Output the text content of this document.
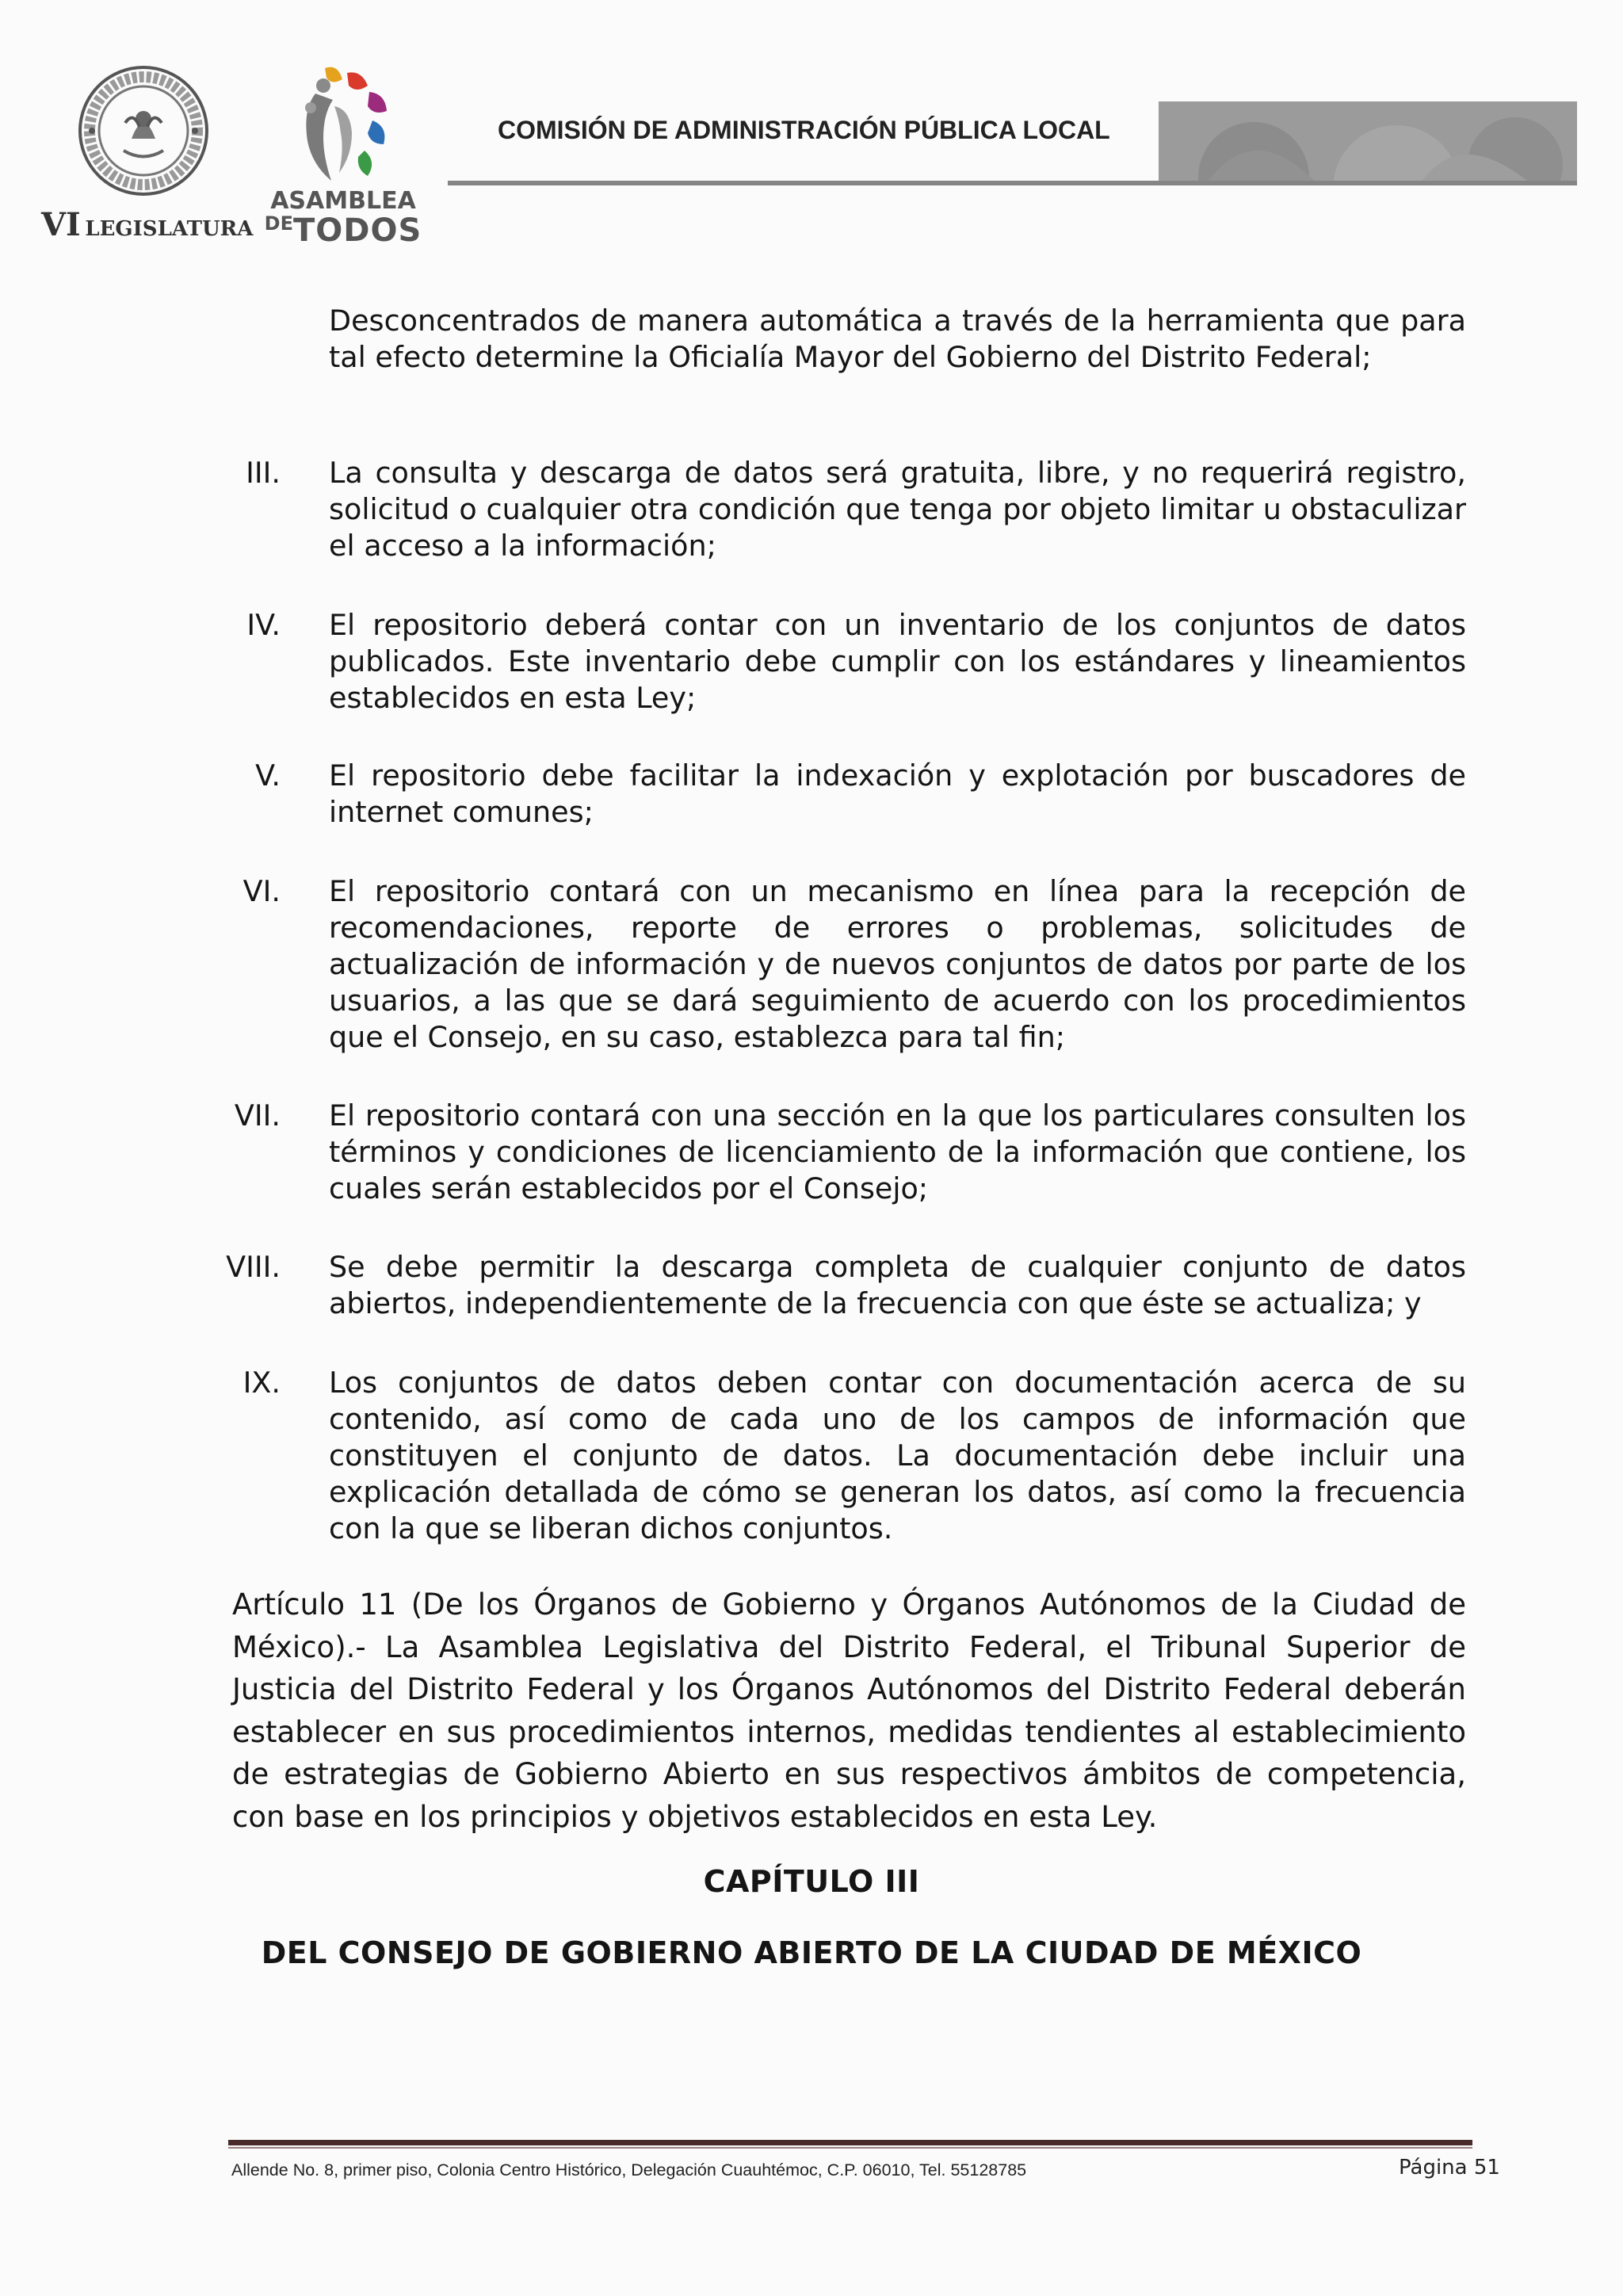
VI LEGISLATURA
ASAMBLEA
DETODOS
COMISIÓN DE ADMINISTRACIÓN PÚBLICA LOCAL
Desconcentrados de manera automática a través de la herramienta que para tal efecto determine la Oficialía Mayor del Gobierno del Distrito Federal;
III. La consulta y descarga de datos será gratuita, libre, y no requerirá registro, solicitud o cualquier otra condición que tenga por objeto limitar u obstaculizar el acceso a la información;
IV. El repositorio deberá contar con un inventario de los conjuntos de datos publicados. Este inventario debe cumplir con los estándares y lineamientos establecidos en esta Ley;
V. El repositorio debe facilitar la indexación y explotación por buscadores de internet comunes;
VI. El repositorio contará con un mecanismo en línea para la recepción de recomendaciones, reporte de errores o problemas, solicitudes de actualización de información y de nuevos conjuntos de datos por parte de los usuarios, a las que se dará seguimiento de acuerdo con los procedimientos que el Consejo, en su caso, establezca para tal fin;
VII. El repositorio contará con una sección en la que los particulares consulten los términos y condiciones de licenciamiento de la información que contiene, los cuales serán establecidos por el Consejo;
VIII. Se debe permitir la descarga completa de cualquier conjunto de datos abiertos, independientemente de la frecuencia con que éste se actualiza; y
IX. Los conjuntos de datos deben contar con documentación acerca de su contenido, así como de cada uno de los campos de información que constituyen el conjunto de datos. La documentación debe incluir una explicación detallada de cómo se generan los datos, así como la frecuencia con la que se liberan dichos conjuntos.
Artículo 11 (De los Órganos de Gobierno y Órganos Autónomos de la Ciudad de México).- La Asamblea Legislativa del Distrito Federal, el Tribunal Superior de Justicia del Distrito Federal y los Órganos Autónomos del Distrito Federal deberán establecer en sus procedimientos internos, medidas tendientes al establecimiento de estrategias de Gobierno Abierto en sus respectivos ámbitos de competencia, con base en los principios y objetivos establecidos en esta Ley.
CAPÍTULO III
DEL CONSEJO DE GOBIERNO ABIERTO DE LA CIUDAD DE MÉXICO
Allende No. 8, primer piso, Colonia Centro Histórico, Delegación Cuauhtémoc, C.P. 06010, Tel. 55128785	Página 51
